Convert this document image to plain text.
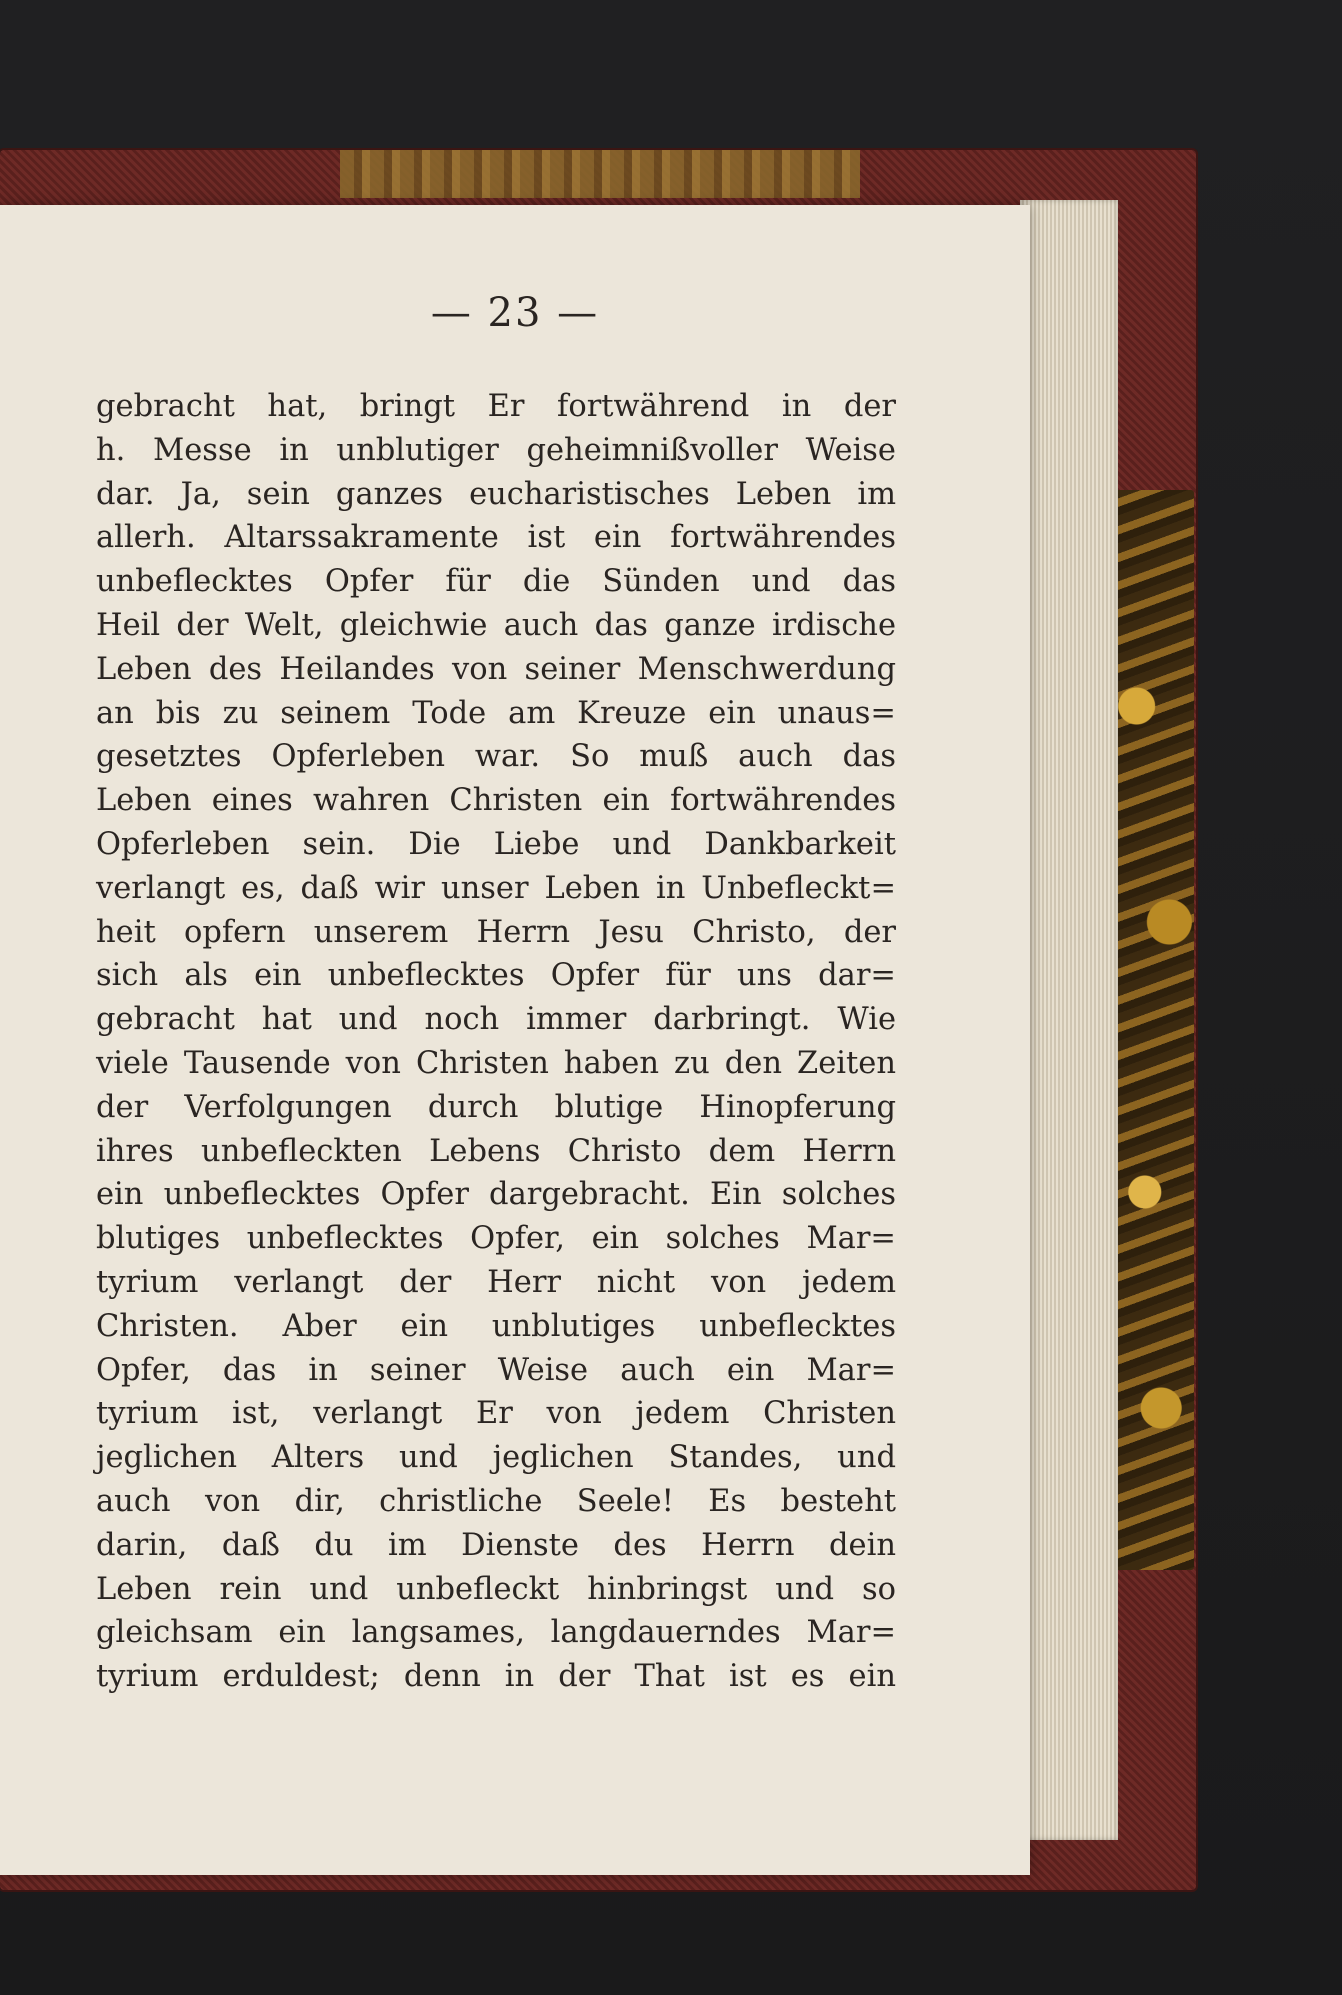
— 23 —
gebracht hat, bringt Er fortwährend in der
h. Messe in unblutiger geheimnißvoller Weise
dar. Ja, sein ganzes eucharistisches Leben im
allerh. Altarssakramente ist ein fortwährendes
unbeflecktes Opfer für die Sünden und das
Heil der Welt, gleichwie auch das ganze irdische
Leben des Heilandes von seiner Menschwerdung
an bis zu seinem Tode am Kreuze ein unaus=
gesetztes Opferleben war. So muß auch das
Leben eines wahren Christen ein fortwährendes
Opferleben sein. Die Liebe und Dankbarkeit
verlangt es, daß wir unser Leben in Unbefleckt=
heit opfern unserem Herrn Jesu Christo, der
sich als ein unbeflecktes Opfer für uns dar=
gebracht hat und noch immer darbringt. Wie
viele Tausende von Christen haben zu den Zeiten
der Verfolgungen durch blutige Hinopferung
ihres unbefleckten Lebens Christo dem Herrn
ein unbeflecktes Opfer dargebracht. Ein solches
blutiges unbeflecktes Opfer, ein solches Mar=
tyrium verlangt der Herr nicht von jedem
Christen. Aber ein unblutiges unbeflecktes
Opfer, das in seiner Weise auch ein Mar=
tyrium ist, verlangt Er von jedem Christen
jeglichen Alters und jeglichen Standes, und
auch von dir, christliche Seele! Es besteht
darin, daß du im Dienste des Herrn dein
Leben rein und unbefleckt hinbringst und so
gleichsam ein langsames, langdauerndes Mar=
tyrium erduldest; denn in der That ist es ein
